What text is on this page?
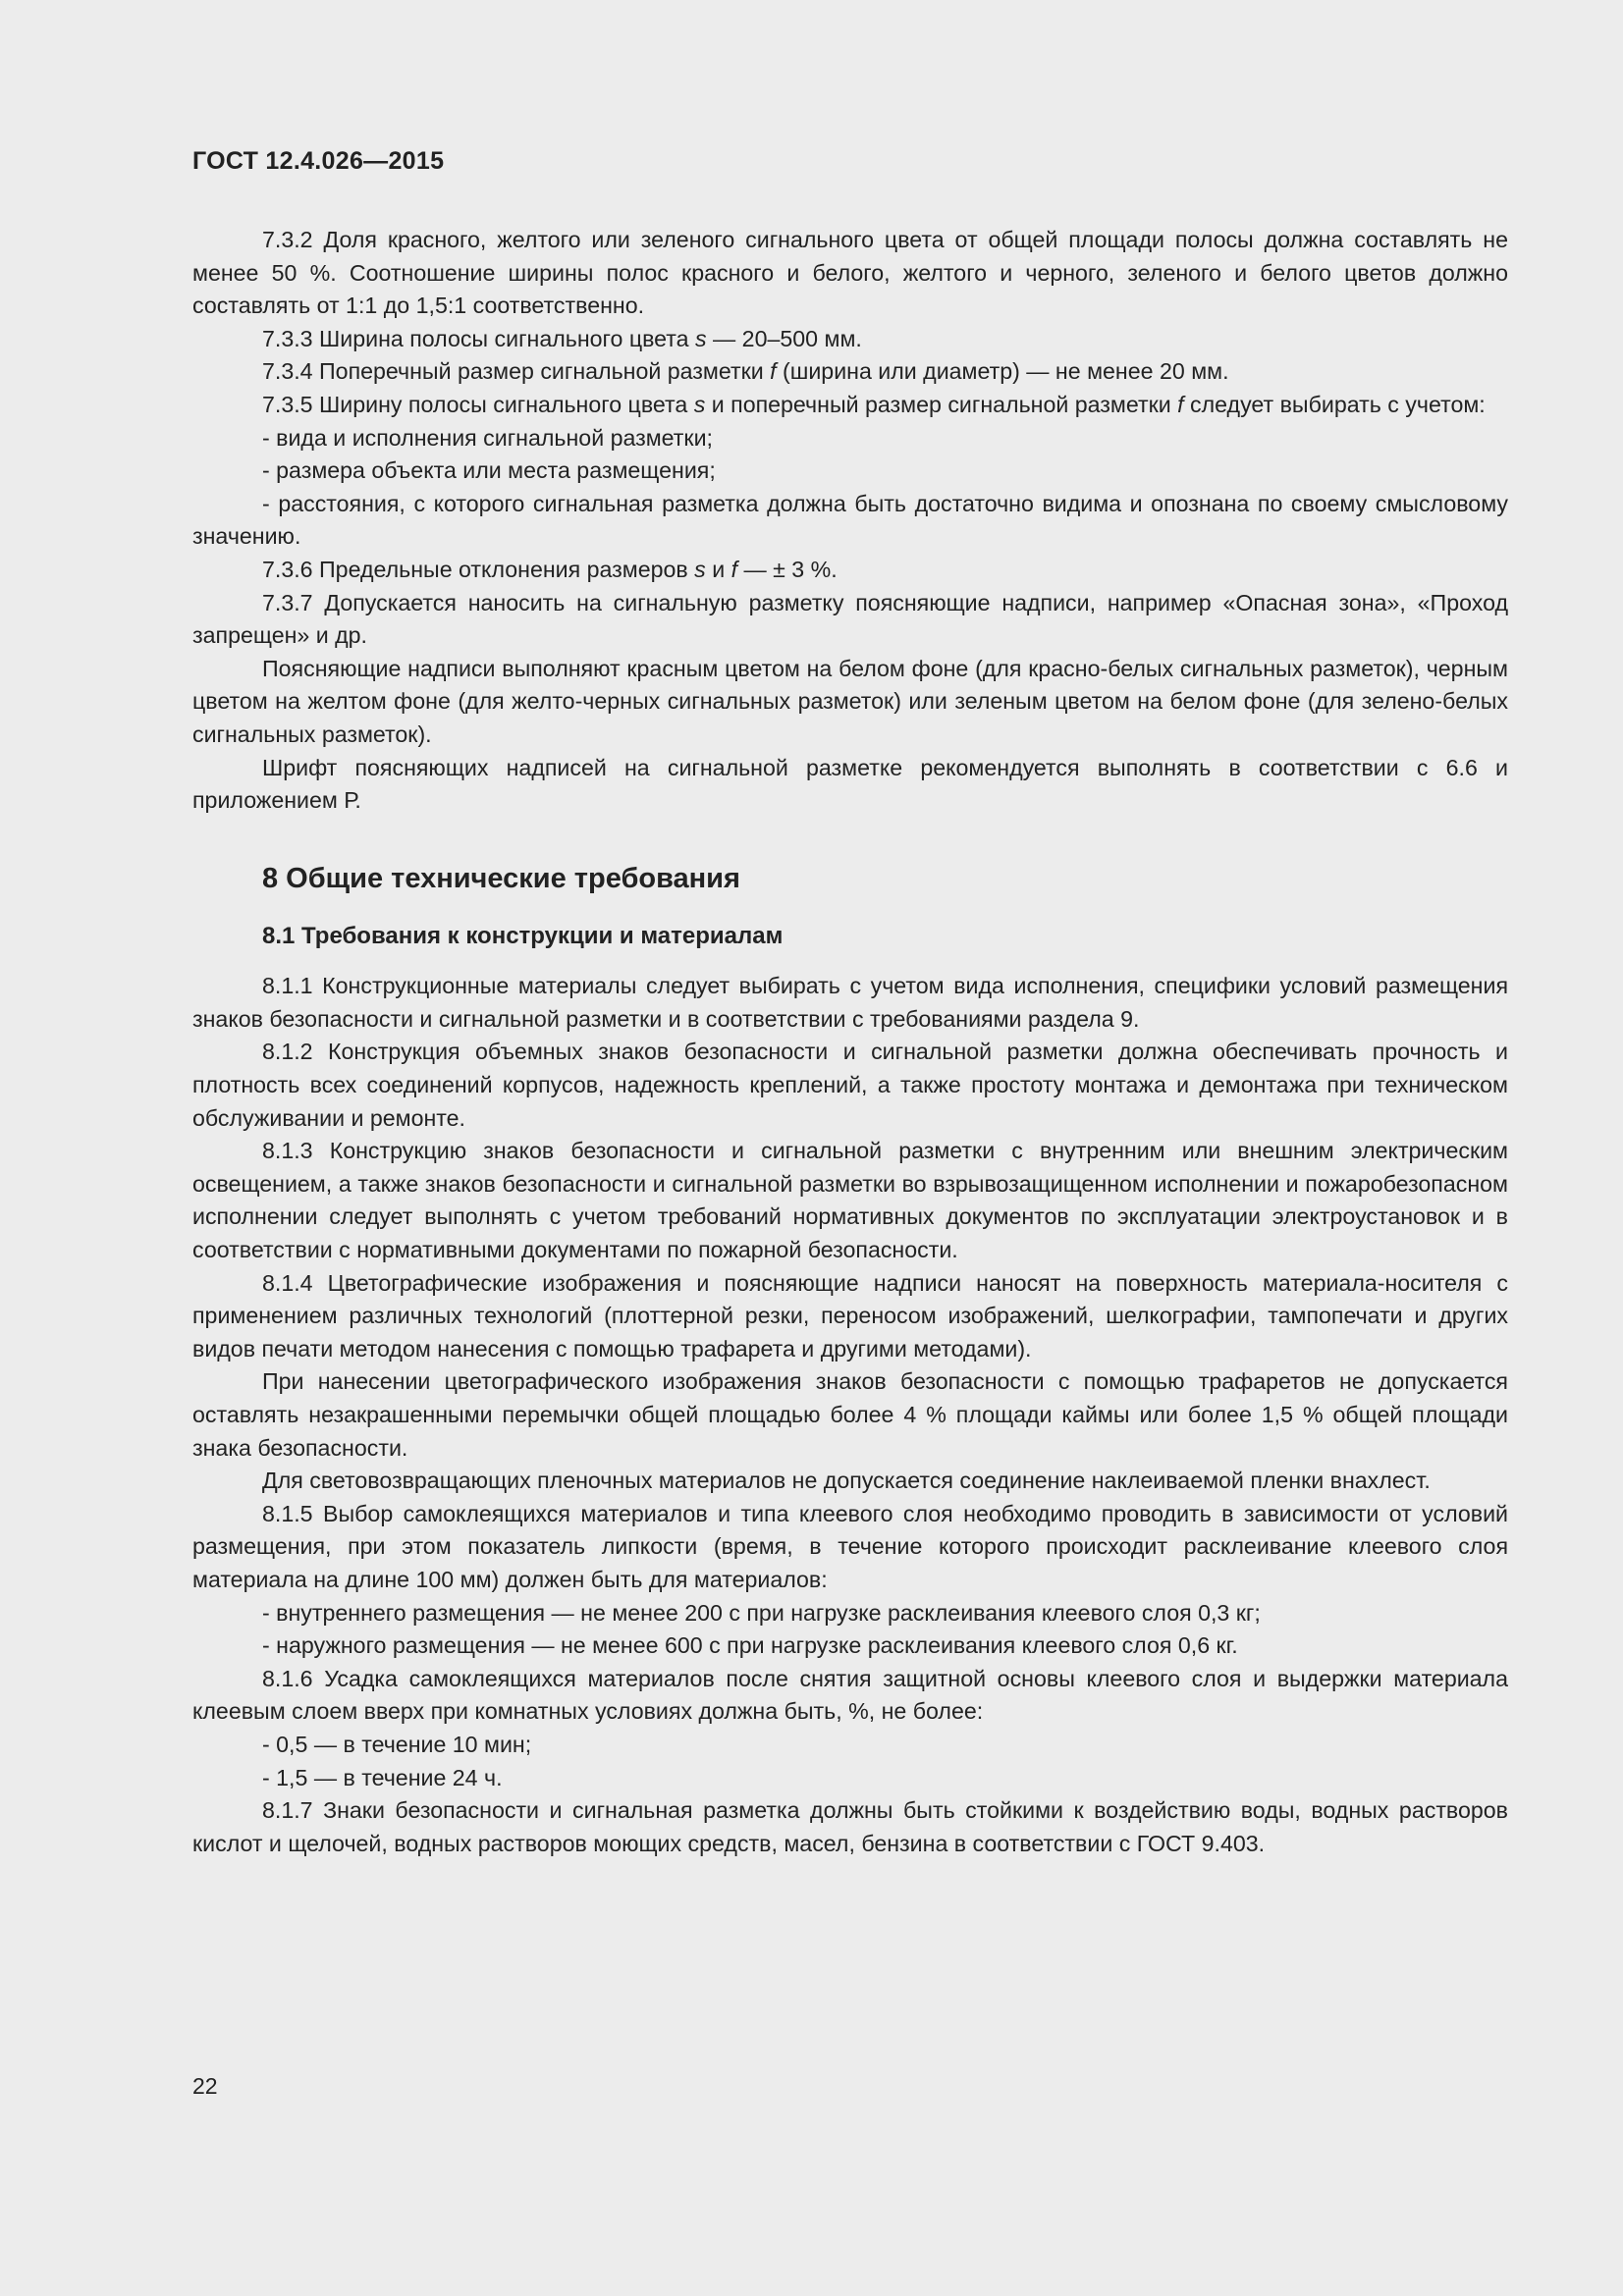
ГОСТ 12.4.026—2015

7.3.2 Доля красного, желтого или зеленого сигнального цвета от общей площади полосы должна составлять не менее 50 %. Соотношение ширины полос красного и белого, желтого и черного, зеленого и белого цветов должно составлять от 1:1 до 1,5:1 соответственно.

7.3.3 Ширина полосы сигнального цвета s — 20–500 мм.

7.3.4 Поперечный размер сигнальной разметки f (ширина или диаметр) — не менее 20 мм.

7.3.5 Ширину полосы сигнального цвета s и поперечный размер сигнальной разметки f следует выбирать с учетом:

- вида и исполнения сигнальной разметки;

- размера объекта или места размещения;

- расстояния, с которого сигнальная разметка должна быть достаточно видима и опознана по своему смысловому значению.

7.3.6 Предельные отклонения размеров s и f — ± 3 %.

7.3.7 Допускается наносить на сигнальную разметку поясняющие надписи, например «Опасная зона», «Проход запрещен» и др.

Поясняющие надписи выполняют красным цветом на белом фоне (для красно-белых сигнальных разметок), черным цветом на желтом фоне (для желто-черных сигнальных разметок) или зеленым цветом на белом фоне (для зелено-белых сигнальных разметок).

Шрифт поясняющих надписей на сигнальной разметке рекомендуется выполнять в соответствии с 6.6 и приложением Р.

8 Общие технические требования

8.1 Требования к конструкции и материалам

8.1.1 Конструкционные материалы следует выбирать с учетом вида исполнения, специфики условий размещения знаков безопасности и сигнальной разметки и в соответствии с требованиями раздела 9.

8.1.2 Конструкция объемных знаков безопасности и сигнальной разметки должна обеспечивать прочность и плотность всех соединений корпусов, надежность креплений, а также простоту монтажа и демонтажа при техническом обслуживании и ремонте.

8.1.3 Конструкцию знаков безопасности и сигнальной разметки с внутренним или внешним электрическим освещением, а также знаков безопасности и сигнальной разметки во взрывозащищенном исполнении и пожаробезопасном исполнении следует выполнять с учетом требований нормативных документов по эксплуатации электроустановок и в соответствии с нормативными документами по пожарной безопасности.

8.1.4 Цветографические изображения и поясняющие надписи наносят на поверхность материала-носителя с применением различных технологий (плоттерной резки, переносом изображений, шелкографии, тампопечати и других видов печати методом нанесения с помощью трафарета и другими методами).

При нанесении цветографического изображения знаков безопасности с помощью трафаретов не допускается оставлять незакрашенными перемычки общей площадью более 4 % площади каймы или более 1,5 % общей площади знака безопасности.

Для световозвращающих пленочных материалов не допускается соединение наклеиваемой пленки внахлест.

8.1.5 Выбор самоклеящихся материалов и типа клеевого слоя необходимо проводить в зависимости от условий размещения, при этом показатель липкости (время, в течение которого происходит расклеивание клеевого слоя материала на длине 100 мм) должен быть для материалов:

- внутреннего размещения — не менее 200 с при нагрузке расклеивания клеевого слоя 0,3 кг;

- наружного размещения — не менее 600 с при нагрузке расклеивания клеевого слоя 0,6 кг.

8.1.6 Усадка самоклеящихся материалов после снятия защитной основы клеевого слоя и выдержки материала клеевым слоем вверх при комнатных условиях должна быть, %, не более:

- 0,5 — в течение 10 мин;

- 1,5 — в течение 24 ч.

8.1.7 Знаки безопасности и сигнальная разметка должны быть стойкими к воздействию воды, водных растворов кислот и щелочей, водных растворов моющих средств, масел, бензина в соответствии с ГОСТ 9.403.

22
